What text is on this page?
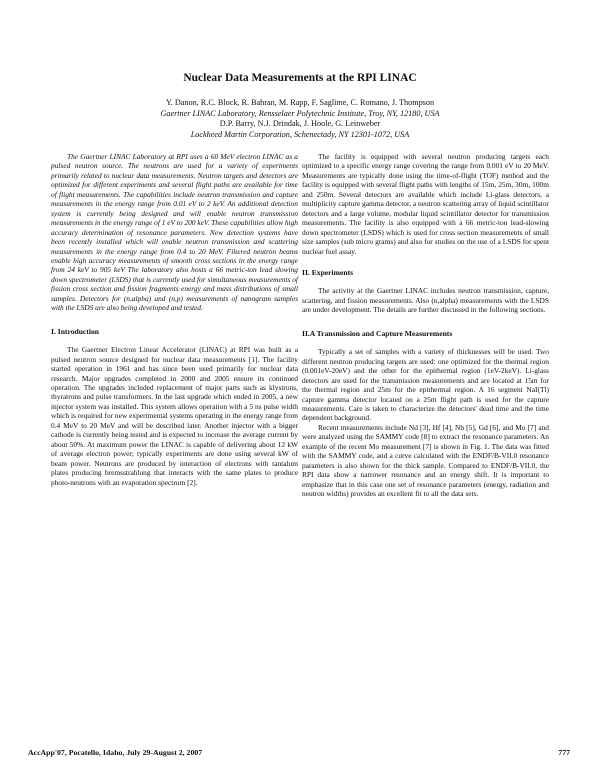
Nuclear Data Measurements at the RPI LINAC
Y. Danon, R.C. Block, R. Bahran, M. Rapp, F. Saglime, C. Romano, J. Thompson
Gaertner LINAC Laboratory, Rensselaer Polytechnic Institute, Troy, NY, 12180, USA
D.P. Barry, N.J. Drindak, J. Hoole, G. Leinweber
Lockheed Martin Corporation, Schenectady, NY 12301-1072, USA

The Gaertner LINAC Laboratory at RPI uses a 60 MeV electron LINAC as a pulsed neutron source. The neutrons are used for a variety of experiments primarily related to nuclear data measurements. Neutron targets and detectors are optimized for different experiments and several flight paths are available for time of flight measurements. The capabilities include neutron transmission and capture measurements in the energy range from 0.01 eV to 2 keV. An additional detection system is currently being designed and will enable neutron transmission measurements in the energy range of 1 eV to 200 keV. These capabilities allow high accuracy determination of resonance parameters. New detection systems have been recently installed which will enable neutron transmission and scattering measurements in the energy range from 0.4 to 20 MeV. Filtered neutron beams enable high accuracy measurements of smooth cross sections in the energy range from 24 keV to 905 keV The laboratory also hosts a 66 metric-ton lead slowing down spectrometer (LSDS) that is currently used for simultaneous measurements of fission cross section and fission fragments energy and mass distributions of small samples. Detectors for (n,alpha) and (n,p) measurements of nanogram samples with the LSDS are also being developed and tested.

I. Introduction

The Gaertner Electron Linear Accelerator (LINAC) at RPI was built as a pulsed neutron source designed for nuclear data measurements [1]. The facility started operation in 1961 and has since been used primarily for nuclear data research. Major upgrades completed in 2000 and 2005 ensure its continued operation. The upgrades included replacement of major parts such as klystrons, thyratrons and pulse transformers. In the last upgrade which ended in 2005, a new injector system was installed. This system allows operation with a 5 ns pulse width which is required for new experimental systems operating in the energy range from 0.4 MeV to 20 MeV and will be described later. Another injector with a bigger cathode is currently being tested and is expected to increase the average current by about 50%. At maximum power the LINAC is capable of delivering about 12 kW of average electron power; typically experiments are done using several kW of beam power. Neutrons are produced by interaction of electrons with tantalum plates producing bremsstrahlung that interacts with the same plates to produce photo-neutrons with an evaporation spectrum [2].

The facility is equipped with several neutron producing targets each optimized to a specific energy range covering the range from 0.001 eV to 20 MeV. Measurements are typically done using the time-of-flight (TOF) method and the facility is equipped with several flight paths with lengths of 15m, 25m, 30m, 100m and 250m. Several detectors are available which include Li-glass detectors, a multiplicity capture gamma detector, a neutron scattering array of liquid scintillator detectors and a large volume, modular liquid scintillator detector for transmission measurements. The facility is also equipped with a 66 metric-ton lead-slowing down spectrometer (LSDS) which is used for cross section measurements of small size samples (sub micro grams) and also for studies on the use of a LSDS for spent nuclear fuel assay.

II. Experiments

The activity at the Gaertner LINAC includes neutron transmission, capture, scattering, and fission measurements. Also (n,alpha) measurements with the LSDS are under development. The details are further discussed in the following sections.

II.A Transmission and Capture Measurements

Typically a set of samples with a variety of thicknesses will be used. Two different neutron producing targets are used: one optimized for the thermal region (0.001eV-20eV) and the other for the epithermal region (1eV-2keV). Li-glass detectors are used for the transmission measurements and are located at 15m for the thermal region and 25m for the epithermal region. A 16 segment NaI(Tl) capture gamma detector located on a 25m flight path is used for the capture measurements. Care is taken to characterize the detectors' dead time and the time dependent background.

Recent measurements include Nd [3], Hf [4], Nb [5], Gd [6], and Mo [7] and were analyzed using the SAMMY code [8] to extract the resonance parameters. An example of the recent Mo measurement [7] is shown in Fig. 1. The data was fitted with the SAMMY code, and a curve calculated with the ENDF/B-VII.0 resonance parameters is also shown for the thick sample. Compared to ENDF/B-VII.0, the RPI data show a narrower resonance and an energy shift. It is important to emphasize that in this case one set of resonance parameters (energy, radiation and neutron widths) provides an excellent fit to all the data sets.

AccApp'07, Pocatello, Idaho, July 29-August 2, 2007	777
